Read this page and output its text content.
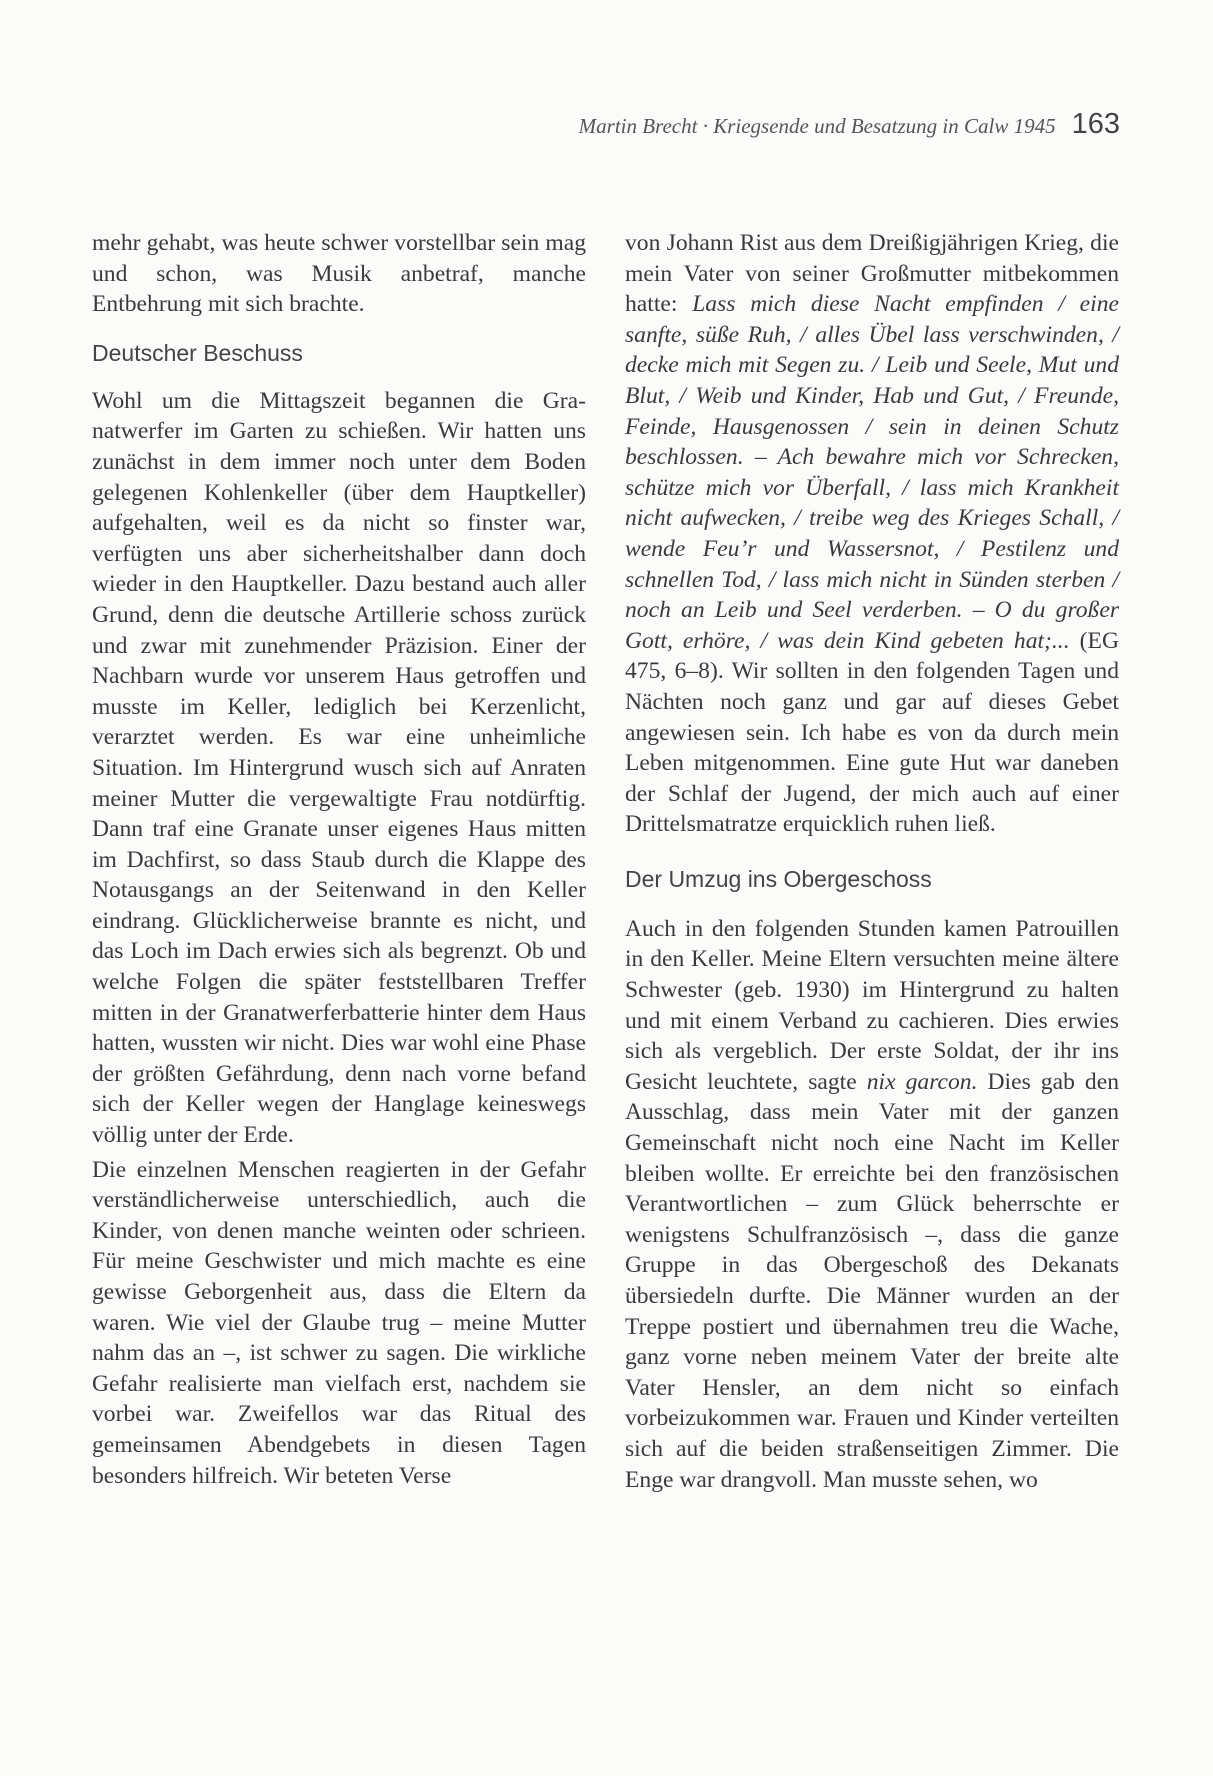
Martin Brecht · Kriegsende und Besatzung in Calw 1945 163

mehr gehabt, was heute schwer vorstellbar sein mag und schon, was Musik anbetraf, manche Entbehrung mit sich brachte.

Deutscher Beschuss

Wohl um die Mittagszeit begannen die Granatwerfer im Garten zu schießen. Wir hatten uns zunächst in dem immer noch unter dem Boden gelegenen Kohlenkeller (über dem Hauptkeller) aufgehalten, weil es da nicht so finster war, verfügten uns aber sicherheitshalber dann doch wieder in den Hauptkeller. Dazu bestand auch aller Grund, denn die deutsche Artillerie schoss zurück und zwar mit zunehmender Präzision. Einer der Nachbarn wurde vor unserem Haus getroffen und musste im Keller, lediglich bei Kerzenlicht, verarztet werden. Es war eine unheimliche Situation. Im Hintergrund wusch sich auf Anraten meiner Mutter die vergewaltigte Frau notdürftig. Dann traf eine Granate unser eigenes Haus mitten im Dachfirst, so dass Staub durch die Klappe des Notausgangs an der Seitenwand in den Keller eindrang. Glücklicherweise brannte es nicht, und das Loch im Dach erwies sich als begrenzt. Ob und welche Folgen die später feststellbaren Treffer mitten in der Granatwerferbatterie hinter dem Haus hatten, wussten wir nicht. Dies war wohl eine Phase der größten Gefährdung, denn nach vorne befand sich der Keller wegen der Hanglage keineswegs völlig unter der Erde.

Die einzelnen Menschen reagierten in der Gefahr verständlicherweise unterschiedlich, auch die Kinder, von denen manche weinten oder schrieen. Für meine Geschwister und mich machte es eine gewisse Geborgenheit aus, dass die Eltern da waren. Wie viel der Glaube trug – meine Mutter nahm das an –, ist schwer zu sagen. Die wirkliche Gefahr realisierte man vielfach erst, nachdem sie vorbei war. Zweifellos war das Ritual des gemeinsamen Abendgebets in diesen Tagen besonders hilfreich. Wir beteten Verse

von Johann Rist aus dem Dreißigjährigen Krieg, die mein Vater von seiner Großmutter mitbekommen hatte: Lass mich diese Nacht empfinden / eine sanfte, süße Ruh, / alles Übel lass verschwinden, / decke mich mit Segen zu. / Leib und Seele, Mut und Blut, / Weib und Kinder, Hab und Gut, / Freunde, Feinde, Hausgenossen / sein in deinen Schutz beschlossen. – Ach bewahre mich vor Schrecken, schütze mich vor Überfall, / lass mich Krankheit nicht aufwecken, / treibe weg des Krieges Schall, / wende Feu’r und Wassersnot, / Pestilenz und schnellen Tod, / lass mich nicht in Sünden sterben / noch an Leib und Seel verderben. – O du großer Gott, erhöre, / was dein Kind gebeten hat;... (EG 475, 6–8). Wir sollten in den folgenden Tagen und Nächten noch ganz und gar auf dieses Gebet angewiesen sein. Ich habe es von da durch mein Leben mitgenommen. Eine gute Hut war daneben der Schlaf der Jugend, der mich auch auf einer Drittelsmatratze erquicklich ruhen ließ.

Der Umzug ins Obergeschoss

Auch in den folgenden Stunden kamen Patrouillen in den Keller. Meine Eltern versuchten meine ältere Schwester (geb. 1930) im Hintergrund zu halten und mit einem Verband zu cachieren. Dies erwies sich als vergeblich. Der erste Soldat, der ihr ins Gesicht leuchtete, sagte nix garcon. Dies gab den Ausschlag, dass mein Vater mit der ganzen Gemeinschaft nicht noch eine Nacht im Keller bleiben wollte. Er erreichte bei den französischen Verantwortlichen – zum Glück beherrschte er wenigstens Schulfranzösisch –, dass die ganze Gruppe in das Obergeschoß des Dekanats übersiedeln durfte. Die Männer wurden an der Treppe postiert und übernahmen treu die Wache, ganz vorne neben meinem Vater der breite alte Vater Hensler, an dem nicht so einfach vorbeizukommen war. Frauen und Kinder verteilten sich auf die beiden straßenseitigen Zimmer. Die Enge war drangvoll. Man musste sehen, wo
